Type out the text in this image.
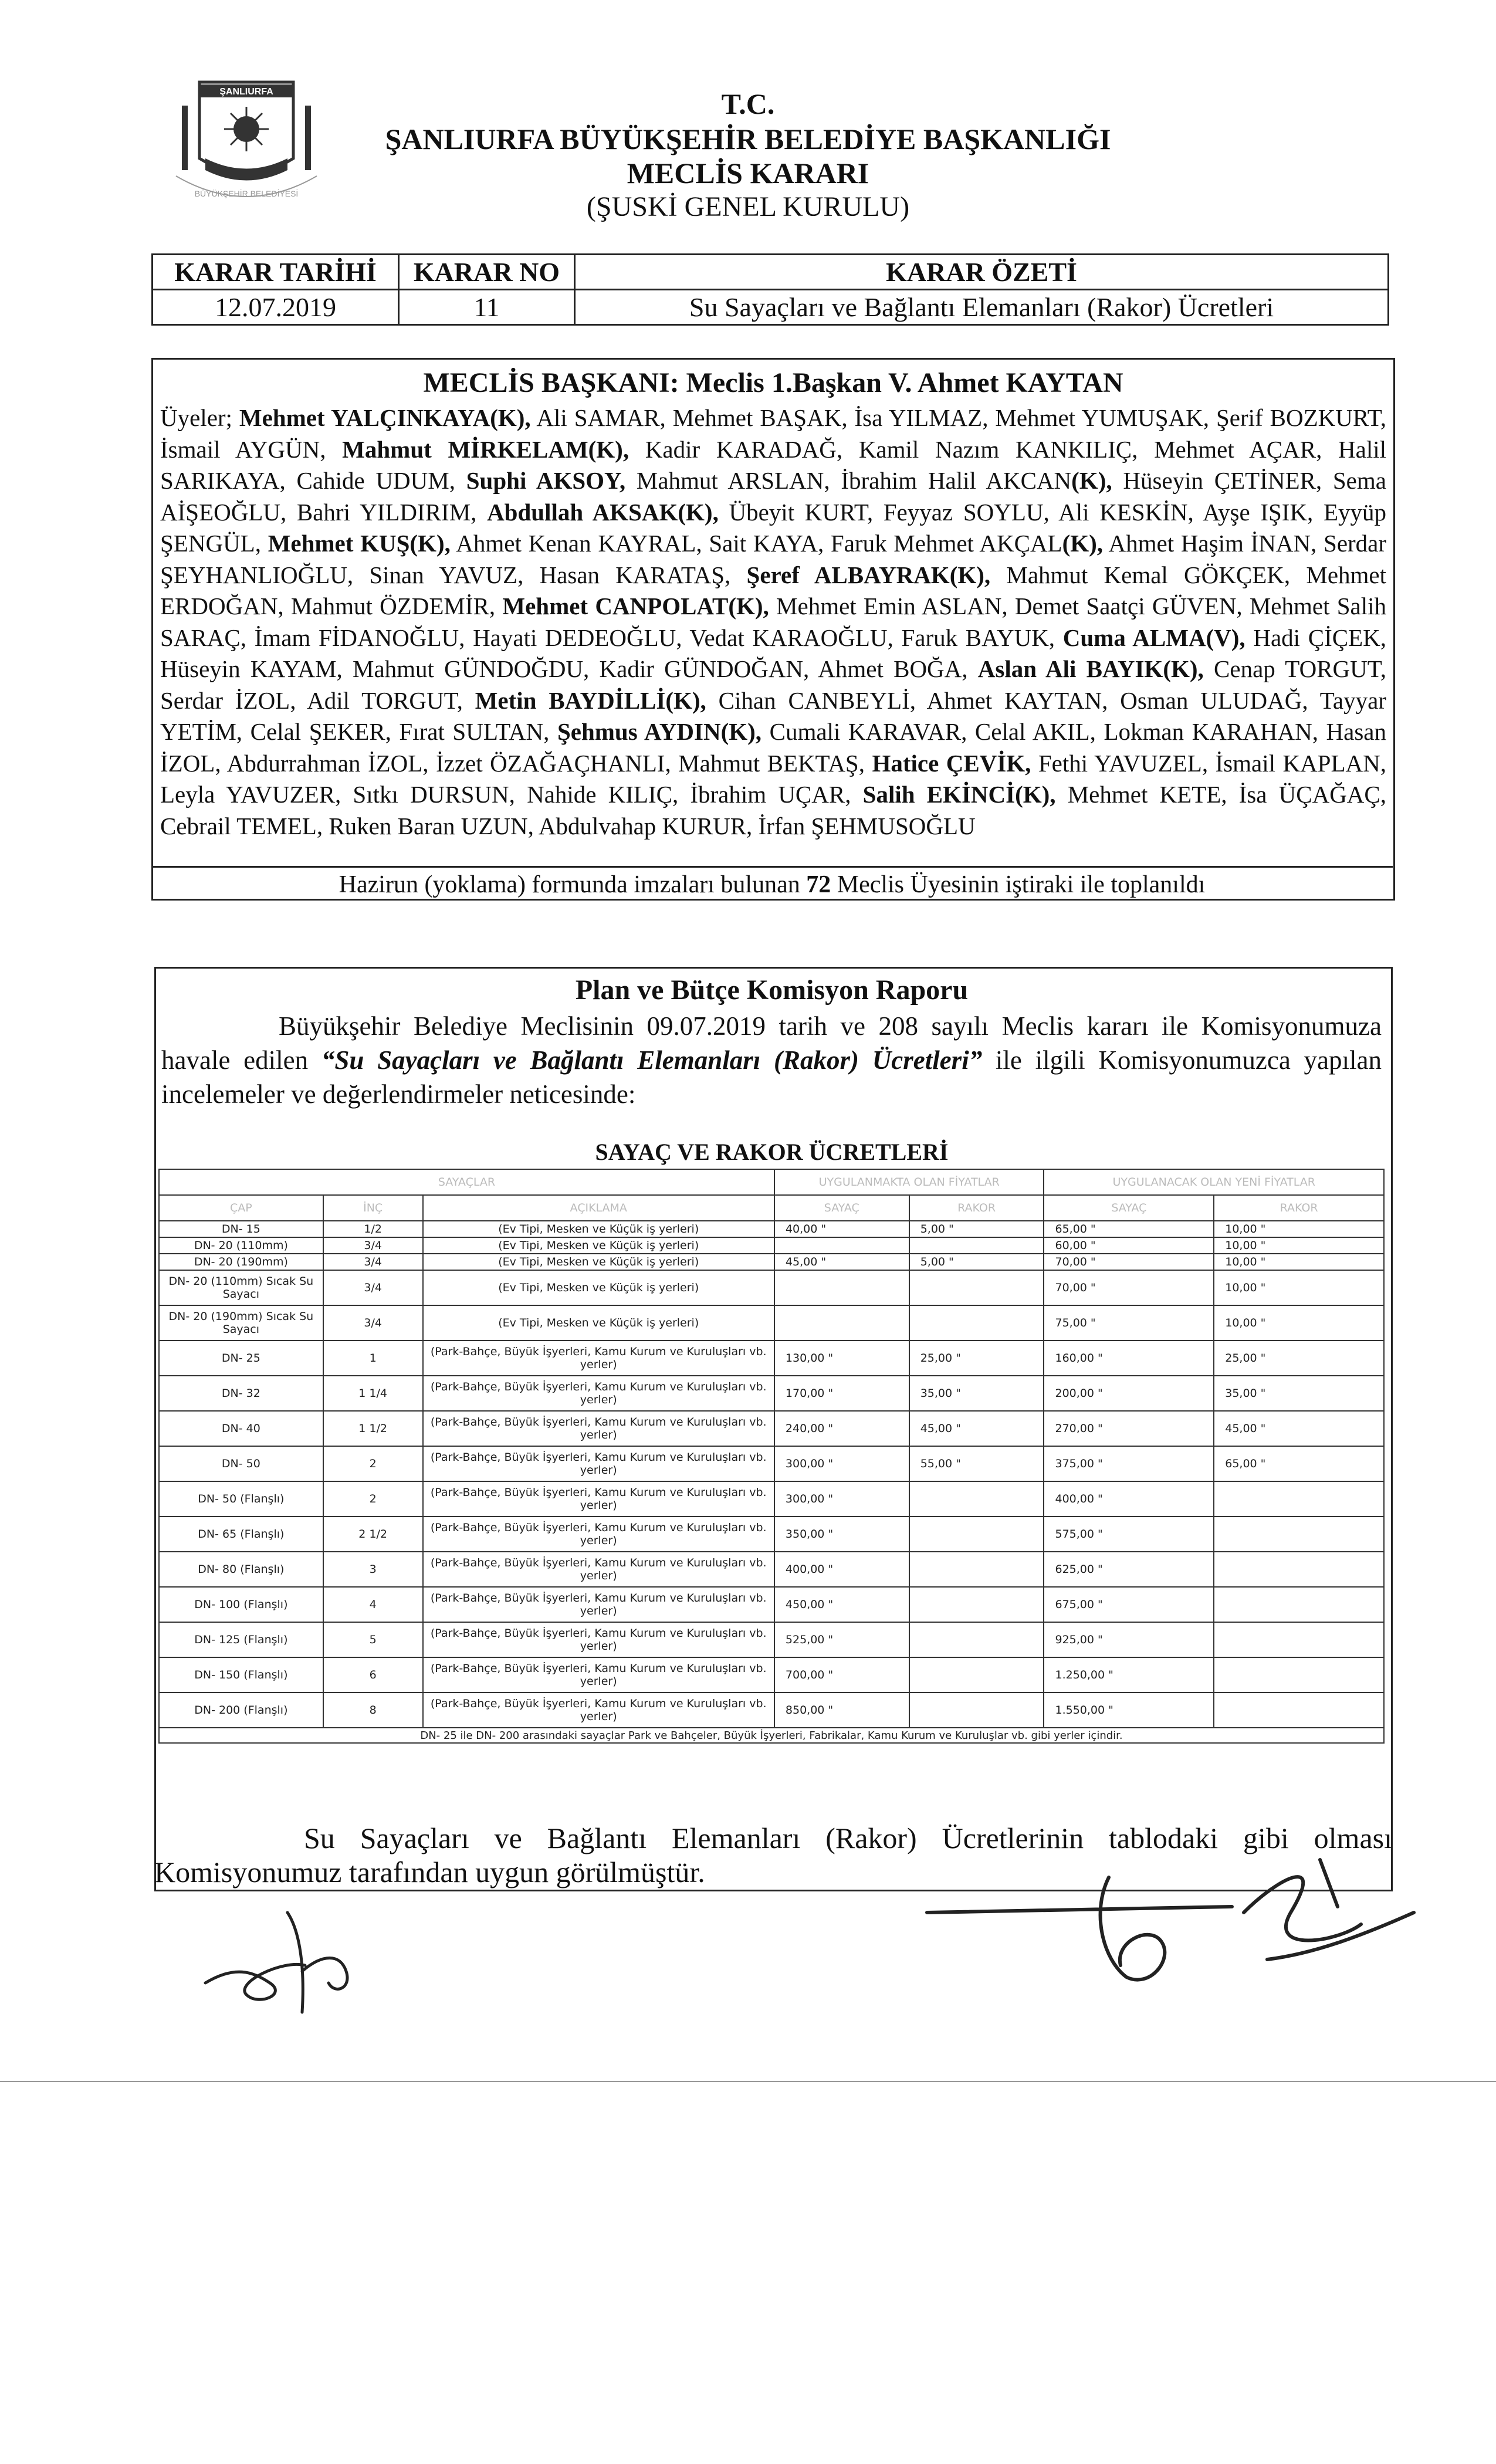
ŞANLIURFA
BÜYÜKŞEHİR BELEDİYESİ
T.C.
ŞANLIURFA BÜYÜKŞEHİR BELEDİYE BAŞKANLIĞI
MECLİS KARARI
(ŞUSKİ GENEL KURULU)
KARAR TARİHİ	KARAR NO	KARAR ÖZETİ
12.07.2019	11	Su Sayaçları ve Bağlantı Elemanları (Rakor) Ücretleri
MECLİS BAŞKANI: Meclis 1.Başkan V. Ahmet KAYTAN
Üyeler; Mehmet YALÇINKAYA(K), Ali SAMAR, Mehmet BAŞAK, İsa YILMAZ, Mehmet YUMUŞAK, Şerif BOZKURT, İsmail AYGÜN, Mahmut MİRKELAM(K), Kadir KARADAĞ, Kamil Nazım KANKILIÇ, Mehmet AÇAR, Halil SARIKAYA, Cahide UDUM, Suphi AKSOY, Mahmut ARSLAN, İbrahim Halil AKCAN(K), Hüseyin ÇETİNER, Sema AİŞEOĞLU, Bahri YILDIRIM, Abdullah AKSAK(K), Übeyit KURT, Feyyaz SOYLU, Ali KESKİN, Ayşe IŞIK, Eyyüp ŞENGÜL, Mehmet KUŞ(K), Ahmet Kenan KAYRAL, Sait KAYA, Faruk Mehmet AKÇAL(K), Ahmet Haşim İNAN, Serdar ŞEYHANLIOĞLU, Sinan YAVUZ, Hasan KARATAŞ, Şeref ALBAYRAK(K), Mahmut Kemal GÖKÇEK, Mehmet ERDOĞAN, Mahmut ÖZDEMİR, Mehmet CANPOLAT(K), Mehmet Emin ASLAN, Demet Saatçi GÜVEN, Mehmet Salih SARAÇ, İmam FİDANOĞLU, Hayati DEDEOĞLU, Vedat KARAOĞLU, Faruk BAYUK, Cuma ALMA(V), Hadi ÇİÇEK, Hüseyin KAYAM, Mahmut GÜNDOĞDU, Kadir GÜNDOĞAN, Ahmet BOĞA, Aslan Ali BAYIK(K), Cenap TORGUT, Serdar İZOL, Adil TORGUT, Metin BAYDİLLİ(K), Cihan CANBEYLİ, Ahmet KAYTAN, Osman ULUDAĞ, Tayyar YETİM, Celal ŞEKER, Fırat SULTAN, Şehmus AYDIN(K), Cumali KARAVAR, Celal AKIL, Lokman KARAHAN, Hasan İZOL, Abdurrahman İZOL, İzzet ÖZAĞAÇHANLI, Mahmut BEKTAŞ, Hatice ÇEVİK, Fethi YAVUZEL, İsmail KAPLAN, Leyla YAVUZER, Sıtkı DURSUN, Nahide KILIÇ, İbrahim UÇAR, Salih EKİNCİ(K), Mehmet KETE, İsa ÜÇAĞAÇ, Cebrail TEMEL, Ruken Baran UZUN, Abdulvahap KURUR, İrfan ŞEHMUSOĞLU
Hazirun (yoklama) formunda imzaları bulunan 72 Meclis Üyesinin iştiraki ile toplanıldı
Plan ve Bütçe Komisyon Raporu
Büyükşehir Belediye Meclisinin 09.07.2019 tarih ve 208 sayılı Meclis kararı ile Komisyonumuza havale edilen “Su Sayaçları ve Bağlantı Elemanları (Rakor) Ücretleri” ile ilgili Komisyonumuzca yapılan incelemeler ve değerlendirmeler neticesinde:
SAYAÇ VE RAKOR ÜCRETLERİ
SAYAÇLAR			UYGULANMAKTA OLAN FİYATLAR		UYGULANACAK OLAN YENİ FİYATLAR	
ÇAP	İNÇ	AÇIKLAMA	SAYAÇ	RAKOR	SAYAÇ	RAKOR
DN- 15	1/2	(Ev Tipi, Mesken ve Küçük iş yerleri)	40,00 "	5,00 "	65,00 "	10,00 "
DN- 20 (110mm)	3/4	(Ev Tipi, Mesken ve Küçük iş yerleri)			60,00 "	10,00 "
DN- 20 (190mm)	3/4	(Ev Tipi, Mesken ve Küçük iş yerleri)	45,00 "	5,00 "	70,00 "	10,00 "
DN- 20 (110mm) Sıcak Su Sayacı	3/4	(Ev Tipi, Mesken ve Küçük iş yerleri)			70,00 "	10,00 "
DN- 20 (190mm) Sıcak Su Sayacı	3/4	(Ev Tipi, Mesken ve Küçük iş yerleri)			75,00 "	10,00 "
DN- 25	1	(Park-Bahçe, Büyük İşyerleri, Kamu Kurum ve Kuruluşları vb. yerler)	130,00 "	25,00 "	160,00 "	25,00 "
DN- 32	1 1/4	(Park-Bahçe, Büyük İşyerleri, Kamu Kurum ve Kuruluşları vb. yerler)	170,00 "	35,00 "	200,00 "	35,00 "
DN- 40	1 1/2	(Park-Bahçe, Büyük İşyerleri, Kamu Kurum ve Kuruluşları vb. yerler)	240,00 "	45,00 "	270,00 "	45,00 "
DN- 50	2	(Park-Bahçe, Büyük İşyerleri, Kamu Kurum ve Kuruluşları vb. yerler)	300,00 "	55,00 "	375,00 "	65,00 "
DN- 50 (Flanşlı)	2	(Park-Bahçe, Büyük İşyerleri, Kamu Kurum ve Kuruluşları vb. yerler)	300,00 "		400,00 "	
DN- 65 (Flanşlı)	2 1/2	(Park-Bahçe, Büyük İşyerleri, Kamu Kurum ve Kuruluşları vb. yerler)	350,00 "		575,00 "	
DN- 80 (Flanşlı)	3	(Park-Bahçe, Büyük İşyerleri, Kamu Kurum ve Kuruluşları vb. yerler)	400,00 "		625,00 "	
DN- 100 (Flanşlı)	4	(Park-Bahçe, Büyük İşyerleri, Kamu Kurum ve Kuruluşları vb. yerler)	450,00 "		675,00 "	
DN- 125 (Flanşlı)	5	(Park-Bahçe, Büyük İşyerleri, Kamu Kurum ve Kuruluşları vb. yerler)	525,00 "		925,00 "	
DN- 150 (Flanşlı)	6	(Park-Bahçe, Büyük İşyerleri, Kamu Kurum ve Kuruluşları vb. yerler)	700,00 "		1.250,00 "	
DN- 200 (Flanşlı)	8	(Park-Bahçe, Büyük İşyerleri, Kamu Kurum ve Kuruluşları vb. yerler)	850,00 "		1.550,00 "	
DN- 25 ile DN- 200 arasındaki sayaçlar Park ve Bahçeler, Büyük İşyerleri, Fabrikalar, Kamu Kurum ve Kuruluşlar vb. gibi yerler içindir.						
Su Sayaçları ve Bağlantı Elemanları (Rakor) Ücretlerinin tablodaki gibi olması Komisyonumuz tarafından uygun görülmüştür.
